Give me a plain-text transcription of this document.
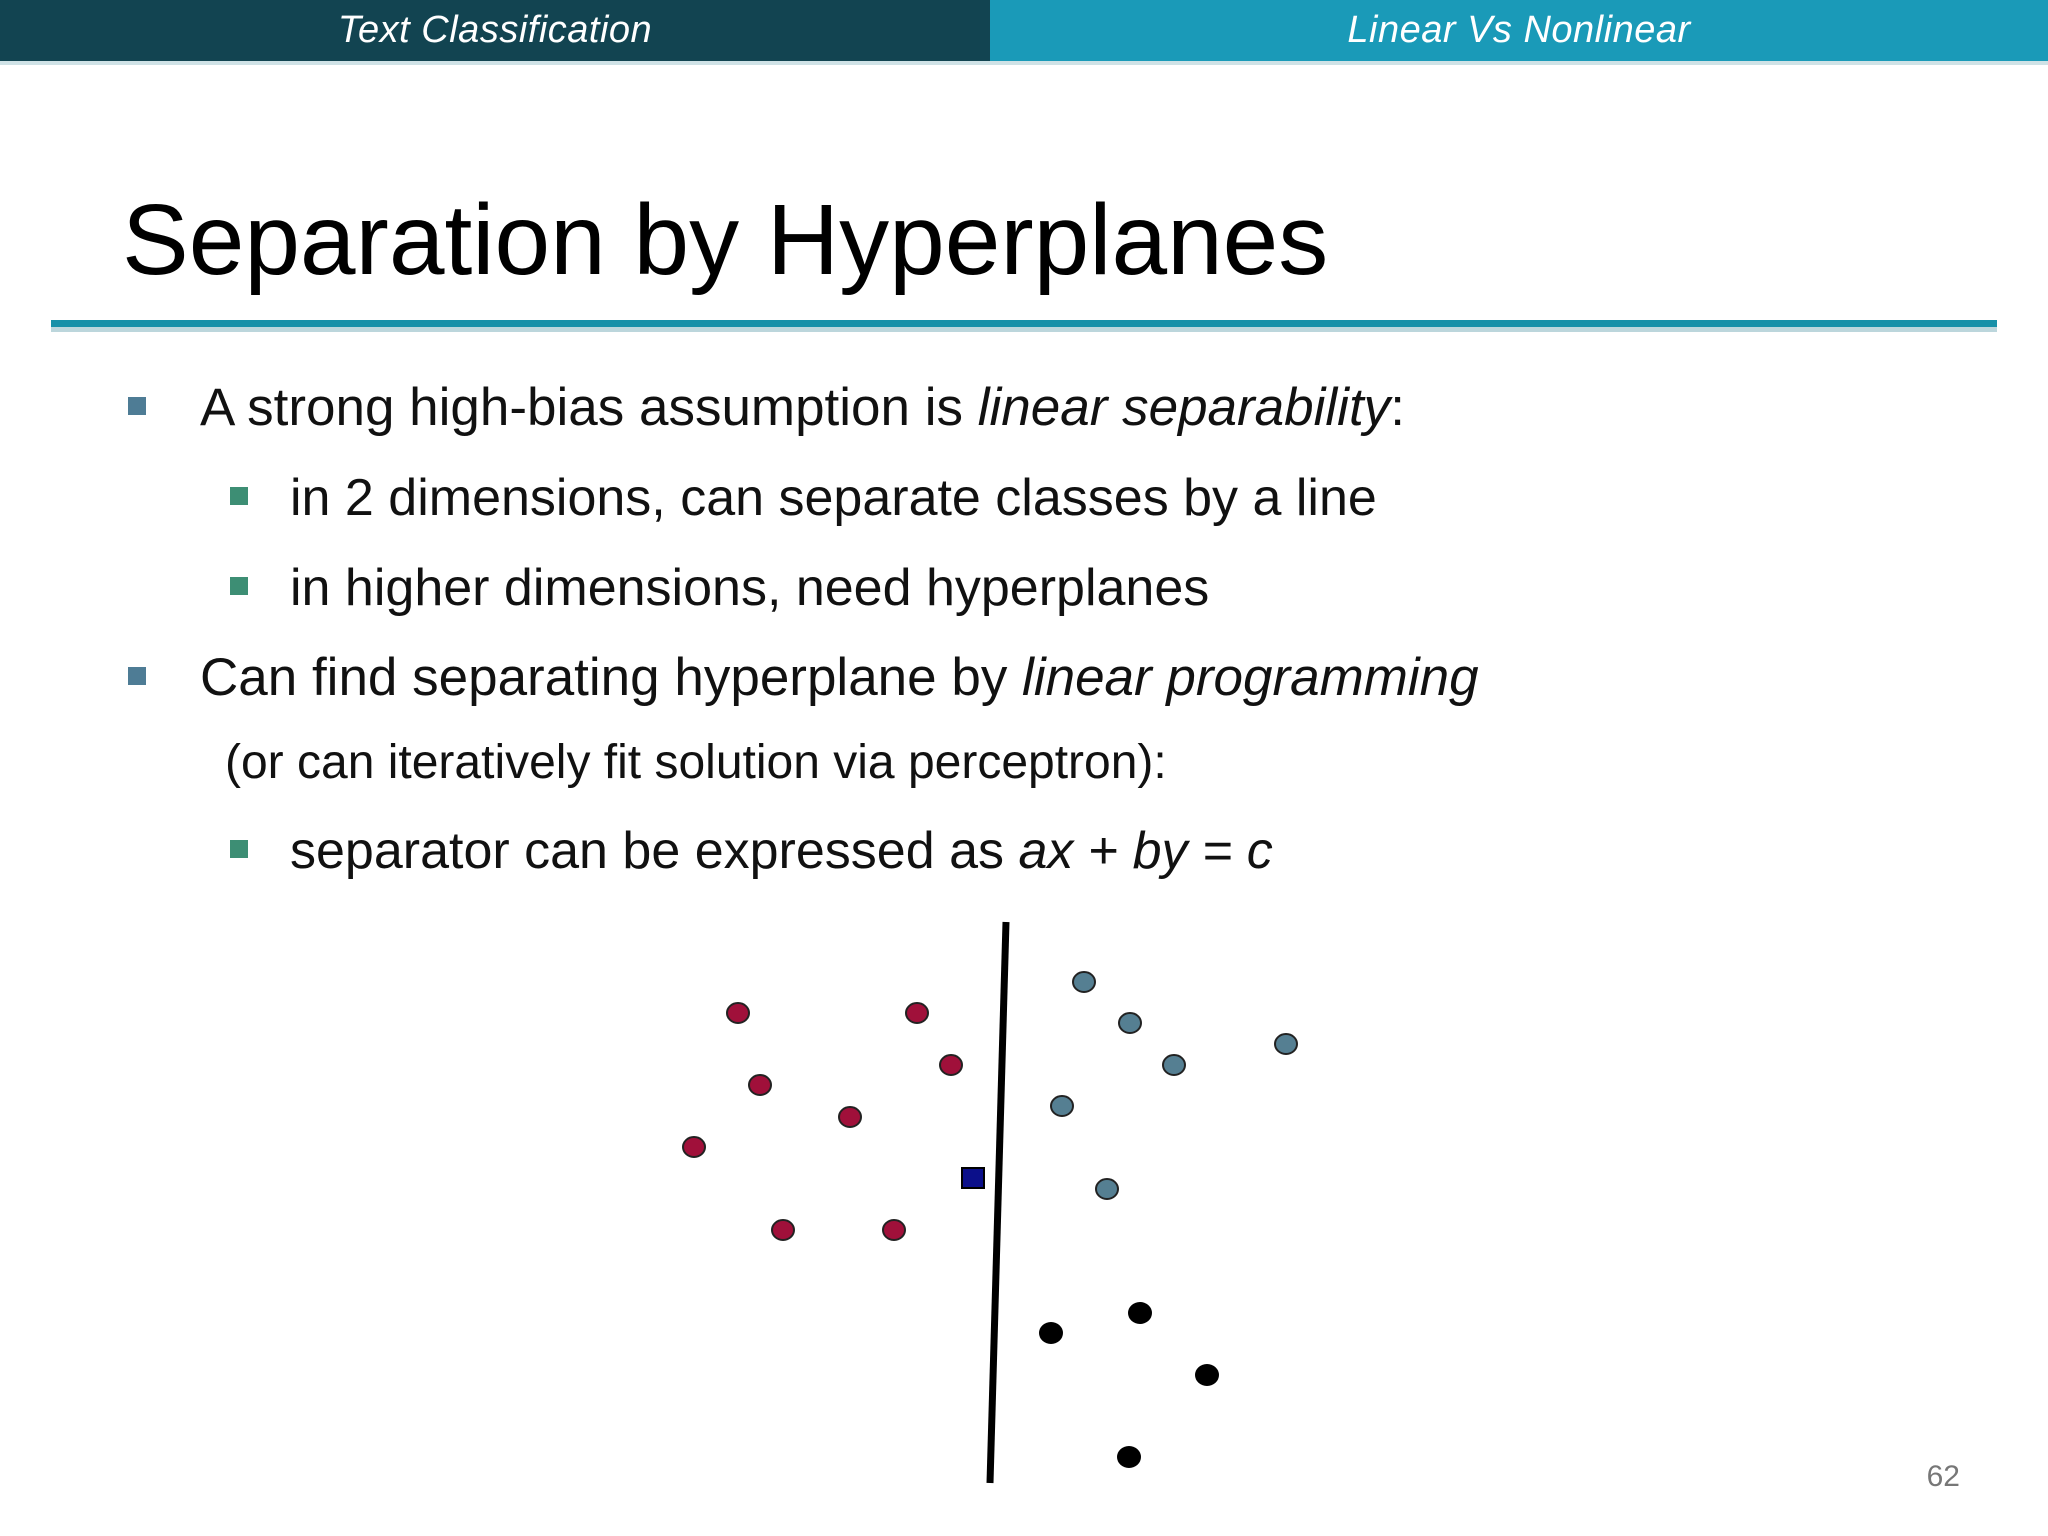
Text Classification	Linear Vs Nonlinear
Separation by Hyperplanes
A strong high-bias assumption is linear separability:
in 2 dimensions, can separate classes by a line
in higher dimensions, need hyperplanes
Can find separating hyperplane by linear programming
(or can iteratively fit solution via perceptron):
separator can be expressed as ax + by = c
62
